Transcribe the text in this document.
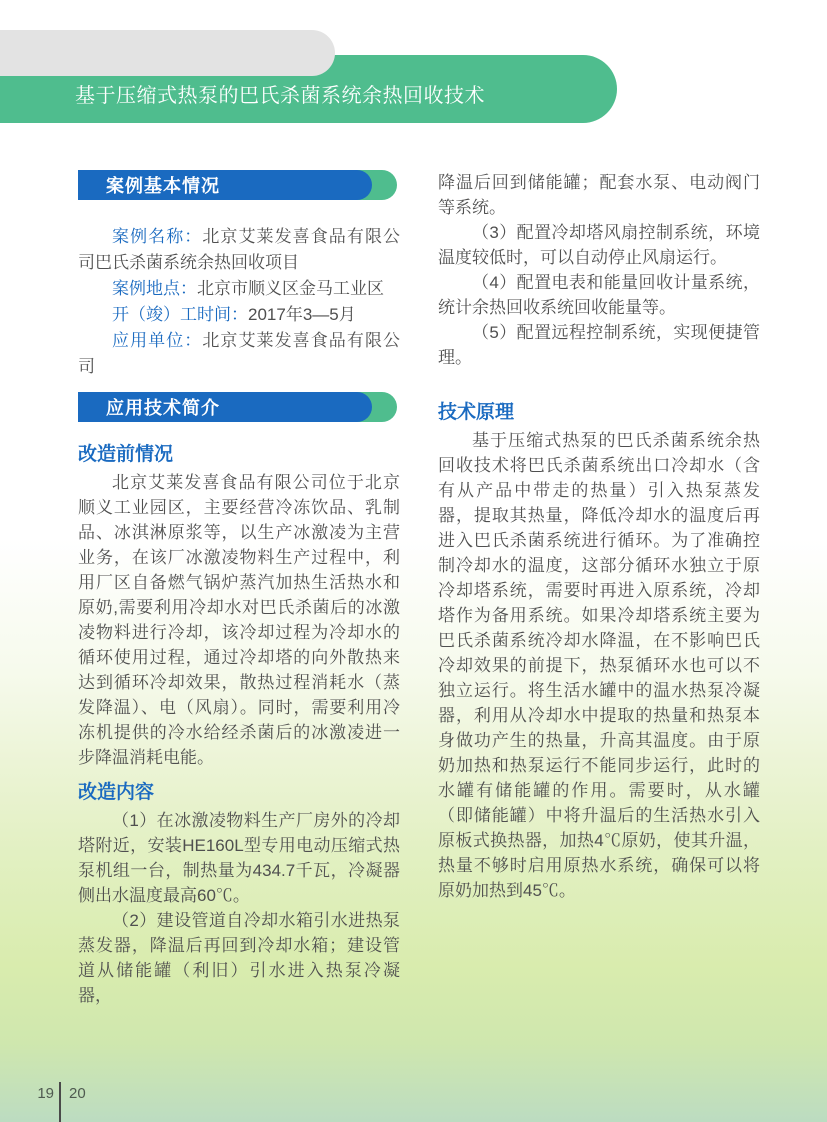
基于压缩式热泵的巴氏杀菌系统余热回收技术
案例基本情况

案例名称：北京艾莱发喜食品有限公司巴氏杀菌系统余热回收项目

案例地点：北京市顺义区金马工业区

开（竣）工时间：2017年3—5月

应用单位：北京艾莱发喜食品有限公司

应用技术简介
改造前情况

北京艾莱发喜食品有限公司位于北京顺义工业园区，主要经营冷冻饮品、乳制品、冰淇淋原浆等，以生产冰激凌为主营业务，在该厂冰激凌物料生产过程中，利用厂区自备燃气锅炉蒸汽加热生活热水和原奶,需要利用冷却水对巴氏杀菌后的冰激凌物料进行冷却，该冷却过程为冷却水的循环使用过程，通过冷却塔的向外散热来达到循环冷却效果，散热过程消耗水（蒸发降温）、电（风扇）。同时，需要利用冷冻机提供的冷水给经杀菌后的冰激凌进一步降温消耗电能。

改造内容

（1）在冰激凌物料生产厂房外的冷却塔附近，安装HE160L型专用电动压缩式热泵机组一台，制热量为434.7千瓦，冷凝器侧出水温度最高60℃。

（2）建设管道自冷却水箱引水进热泵蒸发器，降温后再回到冷却水箱；建设管道从储能罐（利旧）引水进入热泵冷凝器，

降温后回到储能罐；配套水泵、电动阀门等系统。

（3）配置冷却塔风扇控制系统，环境温度较低时，可以自动停止风扇运行。

（4）配置电表和能量回收计量系统，统计余热回收系统回收能量等。

（5）配置远程控制系统，实现便捷管理。

技术原理

基于压缩式热泵的巴氏杀菌系统余热回收技术将巴氏杀菌系统出口冷却水（含有从产品中带走的热量）引入热泵蒸发器，提取其热量，降低冷却水的温度后再进入巴氏杀菌系统进行循环。为了准确控制冷却水的温度，这部分循环水独立于原冷却塔系统，需要时再进入原系统，冷却塔作为备用系统。如果冷却塔系统主要为巴氏杀菌系统冷却水降温，在不影响巴氏冷却效果的前提下，热泵循环水也可以不独立运行。将生活水罐中的温水热泵冷凝器，利用从冷却水中提取的热量和热泵本身做功产生的热量，升高其温度。由于原奶加热和热泵运行不能同步运行，此时的水罐有储能罐的作用。需要时，从水罐（即储能罐）中将升温后的生活热水引入原板式换热器，加热4℃原奶，使其升温，热量不够时启用原热水系统，确保可以将原奶加热到45℃。

19 20
